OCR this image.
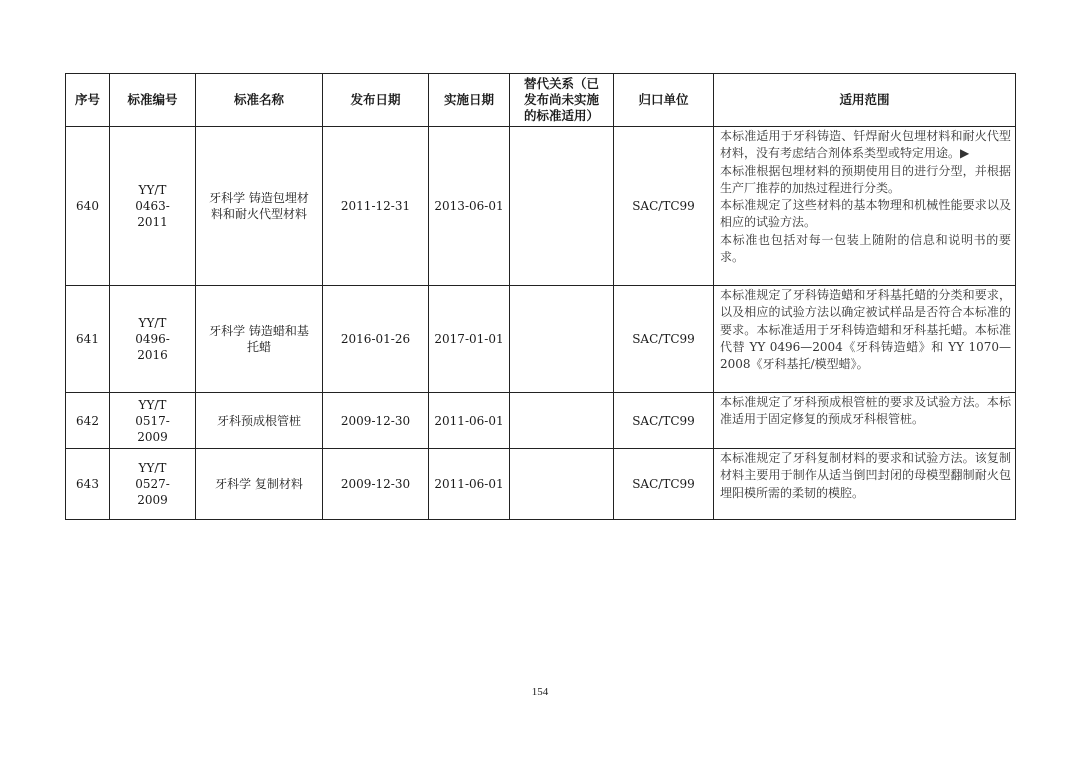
序号	标准编号	标准名称	发布日期	实施日期	替代关系（已发布尚未实施的标准适用）	归口单位	适用范围
640	YY/T 0463-2011	牙科学 铸造包埋材料和耐火代型材料	2011-12-31	2013-06-01		SAC/TC99	本标准适用于牙科铸造、钎焊耐火包埋材料和耐火代型材料，没有考虑结合剂体系类型或特定用途。▶

本标准根据包埋材料的预期使用目的进行分型，并根据生产厂推荐的加热过程进行分类。

本标准规定了这些材料的基本物理和机械性能要求以及相应的试验方法。

本标准也包括对每一包装上随附的信息和说明书的要求。

641	YY/T 0496-2016	牙科学 铸造蜡和基托蜡	2016-01-26	2017-01-01		SAC/TC99	本标准规定了牙科铸造蜡和牙科基托蜡的分类和要求，以及相应的试验方法以确定被试样品是否符合本标准的要求。本标准适用于牙科铸造蜡和牙科基托蜡。本标准代替 YY 0496—2004《牙科铸造蜡》和 YY 1070—2008《牙科基托/模型蜡》。

642	YY/T 0517-2009	牙科预成根管桩	2009-12-30	2011-06-01		SAC/TC99	本标准规定了牙科预成根管桩的要求及试验方法。本标准适用于固定修复的预成牙科根管桩。

643	YY/T 0527-2009	牙科学 复制材料	2009-12-30	2011-06-01		SAC/TC99	本标准规定了牙科复制材料的要求和试验方法。该复制材料主要用于制作从适当倒凹封闭的母模型翻制耐火包埋阳模所需的柔韧的模腔。

154
